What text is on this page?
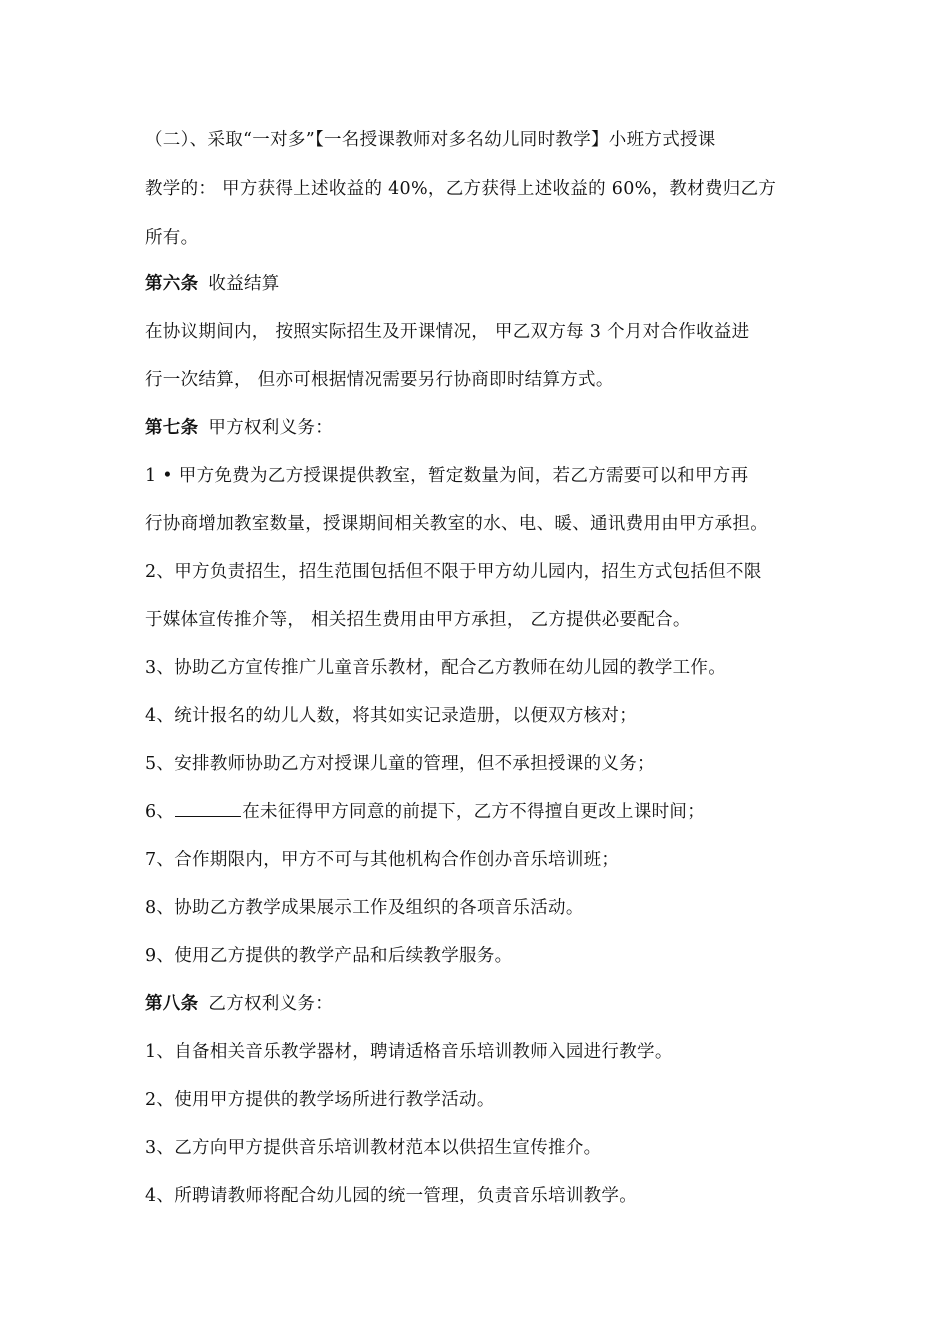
（二）、采取“一对多”【一名授课教师对多名幼儿同时教学】小班方式授课
教学的： 甲方获得上述收益的 40%，乙方获得上述收益的 60%，教材费归乙方
所有。
第六条 收益结算
在协议期间内， 按照实际招生及开课情况， 甲乙双方每 3 个月对合作收益进
行一次结算， 但亦可根据情况需要另行协商即时结算方式。
第七条 甲方权利义务：
1 • 甲方免费为乙方授课提供教室，暂定数量为间，若乙方需要可以和甲方再
行协商增加教室数量，授课期间相关教室的水、电、暖、通讯费用由甲方承担。
2、甲方负责招生，招生范围包括但不限于甲方幼儿园内，招生方式包括但不限
于媒体宣传推介等， 相关招生费用由甲方承担， 乙方提供必要配合。
3、协助乙方宣传推广儿童音乐教材，配合乙方教师在幼儿园的教学工作。
4、统计报名的幼儿人数，将其如实记录造册，以便双方核对；
5、安排教师协助乙方对授课儿童的管理，但不承担授课的义务；
6、	在未征得甲方同意的前提下，乙方不得擅自更改上课时间；
7、合作期限内，甲方不可与其他机构合作创办音乐培训班；
8、协助乙方教学成果展示工作及组织的各项音乐活动。
9、使用乙方提供的教学产品和后续教学服务。
第八条 乙方权利义务：
1、自备相关音乐教学器材，聘请适格音乐培训教师入园进行教学。
2、使用甲方提供的教学场所进行教学活动。
3、乙方向甲方提供音乐培训教材范本以供招生宣传推介。
4、所聘请教师将配合幼儿园的统一管理，负责音乐培训教学。
